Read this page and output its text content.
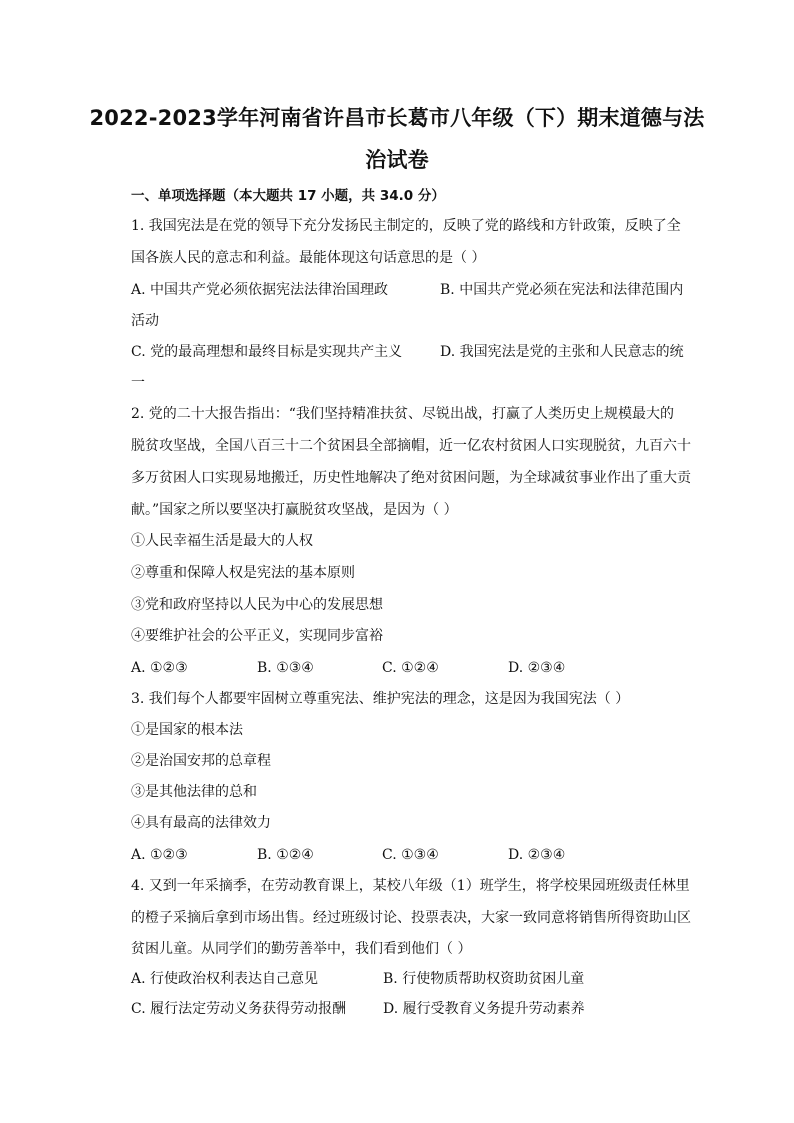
2022-2023学年河南省许昌市长葛市八年级（下）期末道德与法
治试卷
一、单项选择题（本大题共 17 小题，共 34.0 分）
1. 我国宪法是在党的领导下充分发扬民主制定的，反映了党的路线和方针政策，反映了全
国各族人民的意志和利益。最能体现这句话意思的是（ ）
A. 中国共产党必须依据宪法法律治国理政	B. 中国共产党必须在宪法和法律范围内
活动
C. 党的最高理想和最终目标是实现共产主义	D. 我国宪法是党的主张和人民意志的统
一
2. 党的二十大报告指出：“我们坚持精准扶贫、尽锐出战，打赢了人类历史上规模最大的
脱贫攻坚战，全国八百三十二个贫困县全部摘帽，近一亿农村贫困人口实现脱贫，九百六十
多万贫困人口实现易地搬迁，历史性地解决了绝对贫困问题，为全球减贫事业作出了重大贡
献。”国家之所以要坚决打赢脱贫攻坚战，是因为（ ）
①人民幸福生活是最大的人权
②尊重和保障人权是宪法的基本原则
③党和政府坚持以人民为中心的发展思想
④要维护社会的公平正义，实现同步富裕
A. ①②③	B. ①③④	C. ①②④	D. ②③④
3. 我们每个人都要牢固树立尊重宪法、维护宪法的理念，这是因为我国宪法（ ）
①是国家的根本法
②是治国安邦的总章程
③是其他法律的总和
④具有最高的法律效力
A. ①②③	B. ①②④	C. ①③④	D. ②③④
4. 又到一年采摘季，在劳动教育课上，某校八年级（1）班学生，将学校果园班级责任林里
的橙子采摘后拿到市场出售。经过班级讨论、投票表决，大家一致同意将销售所得资助山区
贫困儿童。从同学们的勤劳善举中，我们看到他们（ ）
A. 行使政治权利表达自己意见	B. 行使物质帮助权资助贫困儿童
C. 履行法定劳动义务获得劳动报酬	D. 履行受教育义务提升劳动素养
